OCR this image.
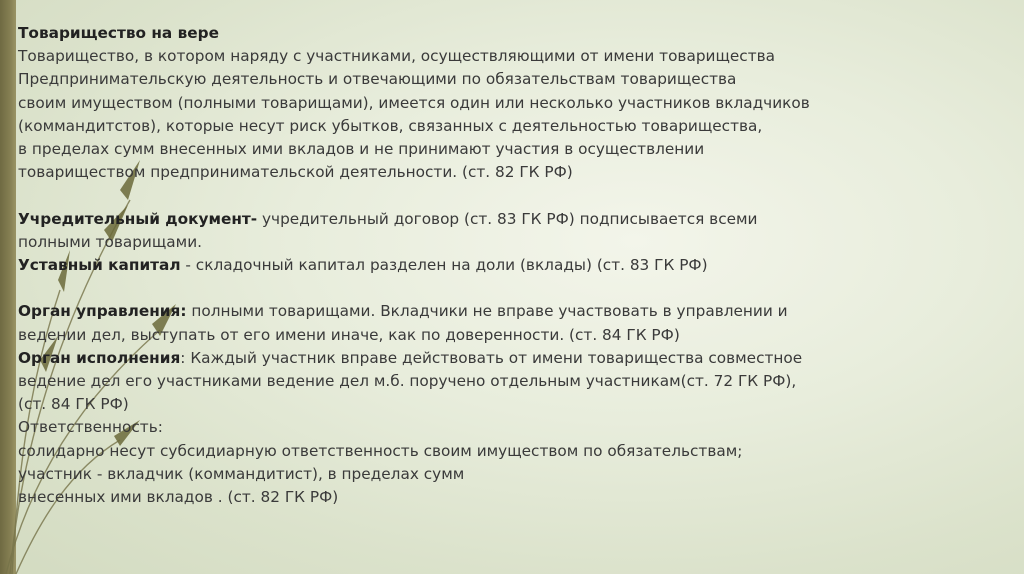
Товарищество на вере

Товарищество, в котором наряду с участниками, осуществляющими от имени товарищества

Предпринимательскую деятельность и отвечающими по обязательствам товарищества

своим имуществом (полными товарищами), имеется один или несколько участников вкладчиков

(коммандитстов), которые несут риск убытков, связанных с деятельностью товарищества,

в пределах сумм внесенных ими вкладов и не принимают участия в осуществлении

товариществом предпринимательской деятельности. (ст. 82 ГК РФ)

Учредительный документ- учредительный договор (ст. 83 ГК РФ) подписывается всеми

полными товарищами.

Уставный капитал - складочный капитал разделен на доли (вклады) (ст. 83 ГК РФ)

Орган управления: полными товарищами. Вкладчики не вправе участвовать в управлении и

ведении дел, выступать от его имени иначе, как по доверенности. (ст. 84 ГК РФ)

Орган исполнения: Каждый участник вправе действовать от имени товарищества совместное

ведение дел его участниками ведение дел м.б. поручено отдельным участникам(ст. 72 ГК РФ),

(ст. 84 ГК РФ)

Ответственность:

солидарно несут субсидиарную ответственность своим имуществом по обязательствам;

участник - вкладчик (коммандитист), в пределах сумм

внесенных ими вкладов . (ст. 82 ГК РФ)
